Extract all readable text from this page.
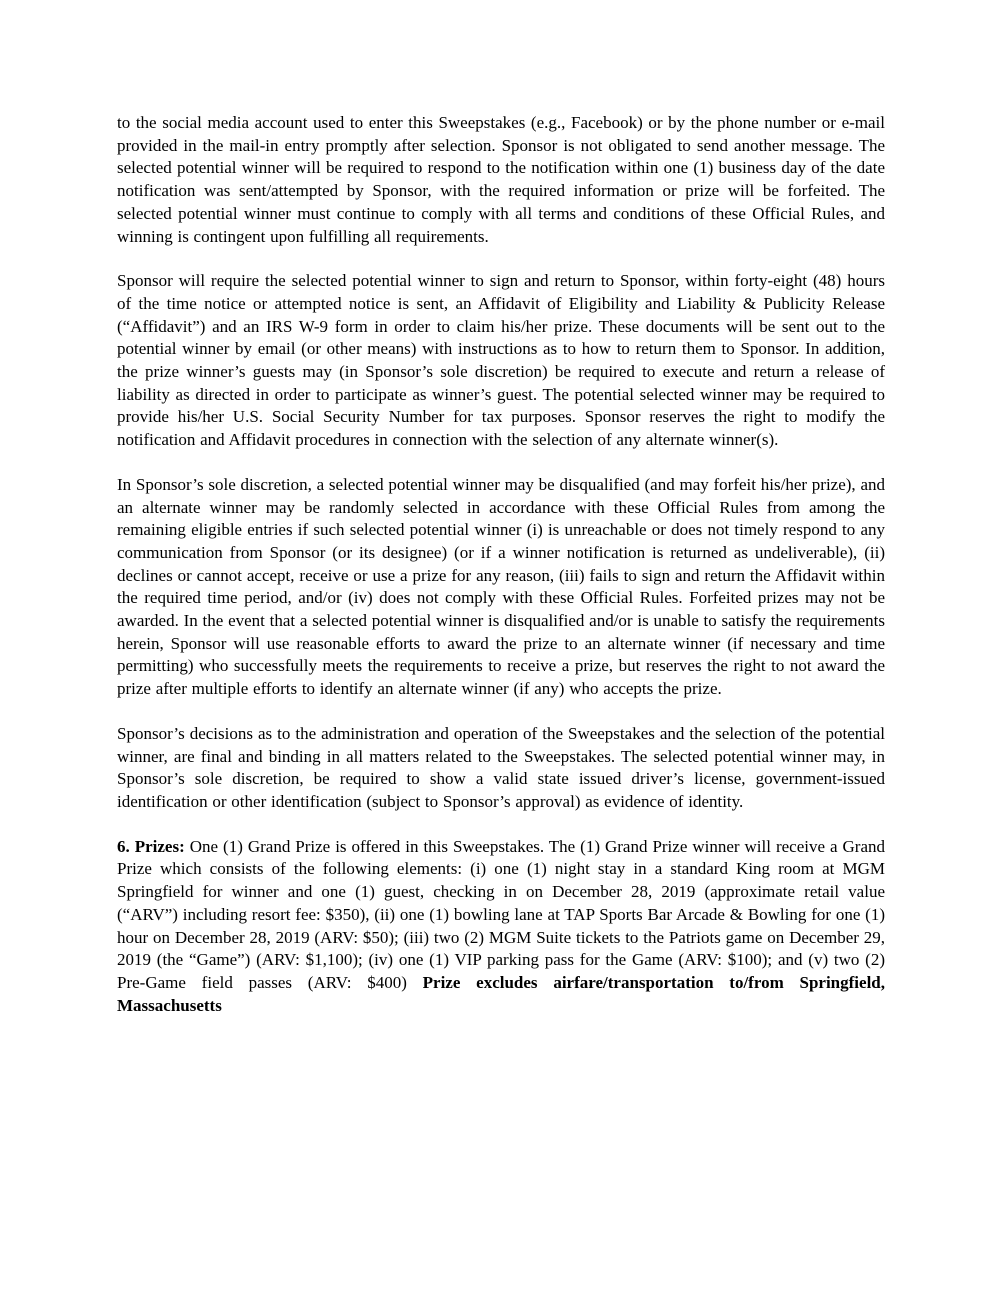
to the social media account used to enter this Sweepstakes (e.g., Facebook) or by the phone number or e-mail provided in the mail-in entry promptly after selection. Sponsor is not obligated to send another message. The selected potential winner will be required to respond to the notification within one (1) business day of the date notification was sent/attempted by Sponsor, with the required information or prize will be forfeited. The selected potential winner must continue to comply with all terms and conditions of these Official Rules, and winning is contingent upon fulfilling all requirements.

Sponsor will require the selected potential winner to sign and return to Sponsor, within forty-eight (48) hours of the time notice or attempted notice is sent, an Affidavit of Eligibility and Liability & Publicity Release (“Affidavit”) and an IRS W-9 form in order to claim his/her prize. These documents will be sent out to the potential winner by email (or other means) with instructions as to how to return them to Sponsor. In addition, the prize winner’s guests may (in Sponsor’s sole discretion) be required to execute and return a release of liability as directed in order to participate as winner’s guest. The potential selected winner may be required to provide his/her U.S. Social Security Number for tax purposes. Sponsor reserves the right to modify the notification and Affidavit procedures in connection with the selection of any alternate winner(s).

In Sponsor’s sole discretion, a selected potential winner may be disqualified (and may forfeit his/her prize), and an alternate winner may be randomly selected in accordance with these Official Rules from among the remaining eligible entries if such selected potential winner (i) is unreachable or does not timely respond to any communication from Sponsor (or its designee) (or if a winner notification is returned as undeliverable), (ii) declines or cannot accept, receive or use a prize for any reason, (iii) fails to sign and return the Affidavit within the required time period, and/or (iv) does not comply with these Official Rules. Forfeited prizes may not be awarded. In the event that a selected potential winner is disqualified and/or is unable to satisfy the requirements herein, Sponsor will use reasonable efforts to award the prize to an alternate winner (if necessary and time permitting) who successfully meets the requirements to receive a prize, but reserves the right to not award the prize after multiple efforts to identify an alternate winner (if any) who accepts the prize.

Sponsor’s decisions as to the administration and operation of the Sweepstakes and the selection of the potential winner, are final and binding in all matters related to the Sweepstakes. The selected potential winner may, in Sponsor’s sole discretion, be required to show a valid state issued driver’s license, government-issued identification or other identification (subject to Sponsor’s approval) as evidence of identity.

6. Prizes: One (1) Grand Prize is offered in this Sweepstakes. The (1) Grand Prize winner will receive a Grand Prize which consists of the following elements: (i) one (1) night stay in a standard King room at MGM Springfield for winner and one (1) guest, checking in on December 28, 2019 (approximate retail value (“ARV”) including resort fee: $350), (ii) one (1) bowling lane at TAP Sports Bar Arcade & Bowling for one (1) hour on December 28, 2019 (ARV: $50); (iii) two (2) MGM Suite tickets to the Patriots game on December 29, 2019 (the “Game”) (ARV: $1,100); (iv) one (1) VIP parking pass for the Game (ARV: $100); and (v) two (2) Pre-Game field passes (ARV: $400) Prize excludes airfare/transportation to/from Springfield, Massachusetts
